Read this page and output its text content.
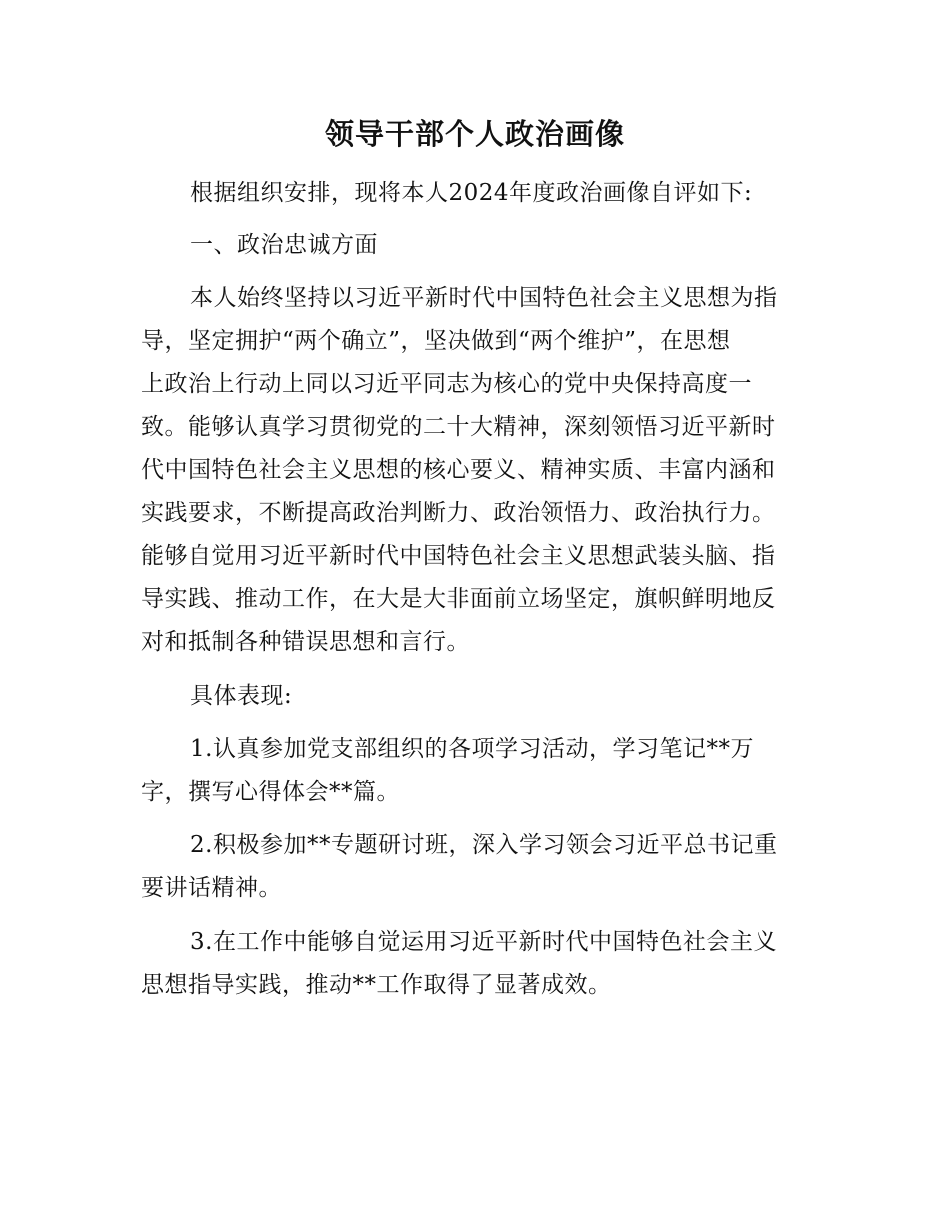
领导干部个人政治画像
根据组织安排，现将本人2024年度政治画像自评如下:
一、政治忠诚方面
本人始终坚持以习近平新时代中国特色社会主义思想为指
导，坚定拥护“两个确立”，坚决做到“两个维护”，在思想
上政治上行动上同以习近平同志为核心的党中央保持高度一
致。能够认真学习贯彻党的二十大精神，深刻领悟习近平新时
代中国特色社会主义思想的核心要义、精神实质、丰富内涵和
实践要求，不断提高政治判断力、政治领悟力、政治执行力。
能够自觉用习近平新时代中国特色社会主义思想武装头脑、指
导实践、推动工作，在大是大非面前立场坚定，旗帜鲜明地反
对和抵制各种错误思想和言行。
具体表现:
1.认真参加党支部组织的各项学习活动，学习笔记**万
字，撰写心得体会**篇。
2.积极参加**专题研讨班，深入学习领会习近平总书记重
要讲话精神。
3.在工作中能够自觉运用习近平新时代中国特色社会主义
思想指导实践，推动**工作取得了显著成效。
